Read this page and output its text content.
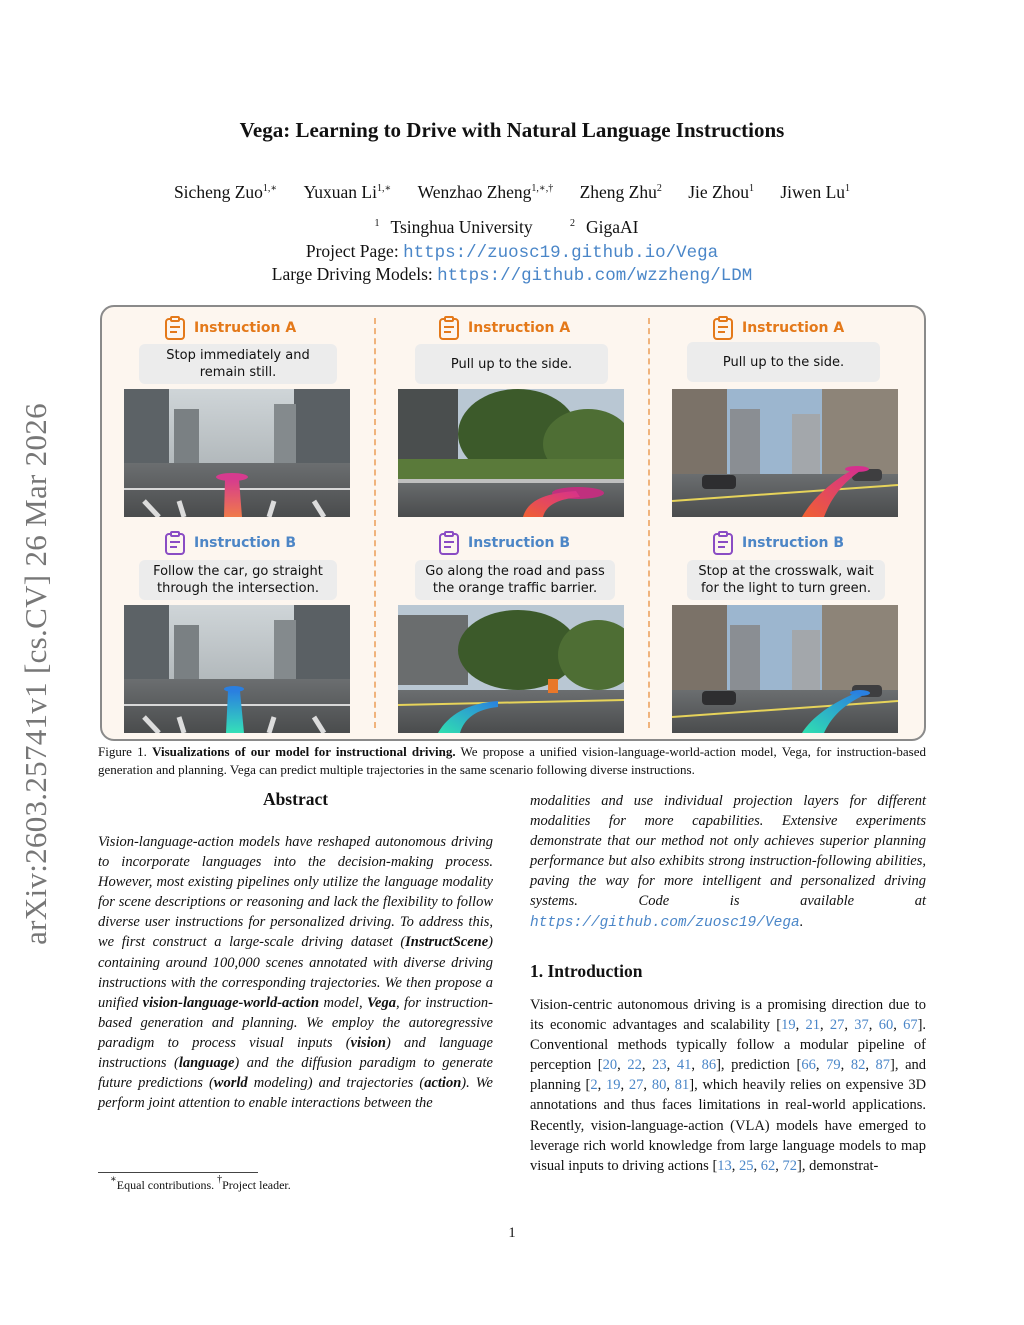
Vega: Learning to Drive with Natural Language Instructions
Sicheng Zuo$^{1,∗}$ Yuxuan $Li^{1,∗}$ Wenzhao Zheng$^{1,∗,\dagger}$ Zheng Zhu$^2$ Jie Zhou$^1$ Jiwen Lu$^1$
$^1$ Tsinghua University	$^2$ GigaAI
Project Page: https://zuosc19.github.io/Vega
Large Driving Models: https://github.com/wzzheng/LDM
arXiv:2603.25741v1 [cs.CV] 26 Mar 2026
Instruction A
Stop immediately and remain still.
Instruction B
Follow the car, go straight through the intersection.
Instruction A
Pull up to the side.
Instruction B
Go along the road and pass the orange traffic barrier.
Instruction A
Pull up to the side.
Instruction B
Stop at the crosswalk, wait for the light to turn green.
Figure 1. Visualizations of our model for instructional driving. We propose a unified vision-language-world-action model, Vega, for instruction-based generation and planning. Vega can predict multiple trajectories in the same scenario following diverse instructions.
Abstract
Vision-language-action models have reshaped autonomous driving to incorporate languages into the decision-making process. However, most existing pipelines only utilize the language modality for scene descriptions or reasoning and lack the flexibility to follow diverse user instructions for personalized driving. To address this, we first construct a large-scale driving dataset (InstructScene) containing around 100,000 scenes annotated with diverse driving instructions with the corresponding trajectories. We then propose a unified vision-language-world-action model, Vega, for instruction-based generation and planning. We employ the autoregressive paradigm to process visual inputs (vision) and language instructions (language) and the diffusion paradigm to generate future predictions (world modeling) and trajectories (action). We perform joint attention to enable interactions between the
modalities and use individual projection layers for different modalities for more capabilities. Extensive experiments demonstrate that our method not only achieves superior planning performance but also exhibits strong instruction-following abilities, paving the way for more intelligent and personalized driving systems. Code is available at https://github.com/zuosc19/Vega.
1. Introduction
Vision-centric autonomous driving is a promising direction due to its economic advantages and scalability [19, 21, 27, 37, 60, 67]. Conventional methods typically follow a modular pipeline of perception [20, 22, 23, 41, 86], prediction [66, 79, 82, 87], and planning [2, 19, 27, 80, 81], which heavily relies on expensive 3D annotations and thus faces limitations in real-world applications. Recently, vision-language-action (VLA) models have emerged to leverage rich world knowledge from large language models to map visual inputs to driving actions [13, 25, 62, 72], demonstrat-
∗Equal contributions. †Project leader.
1
